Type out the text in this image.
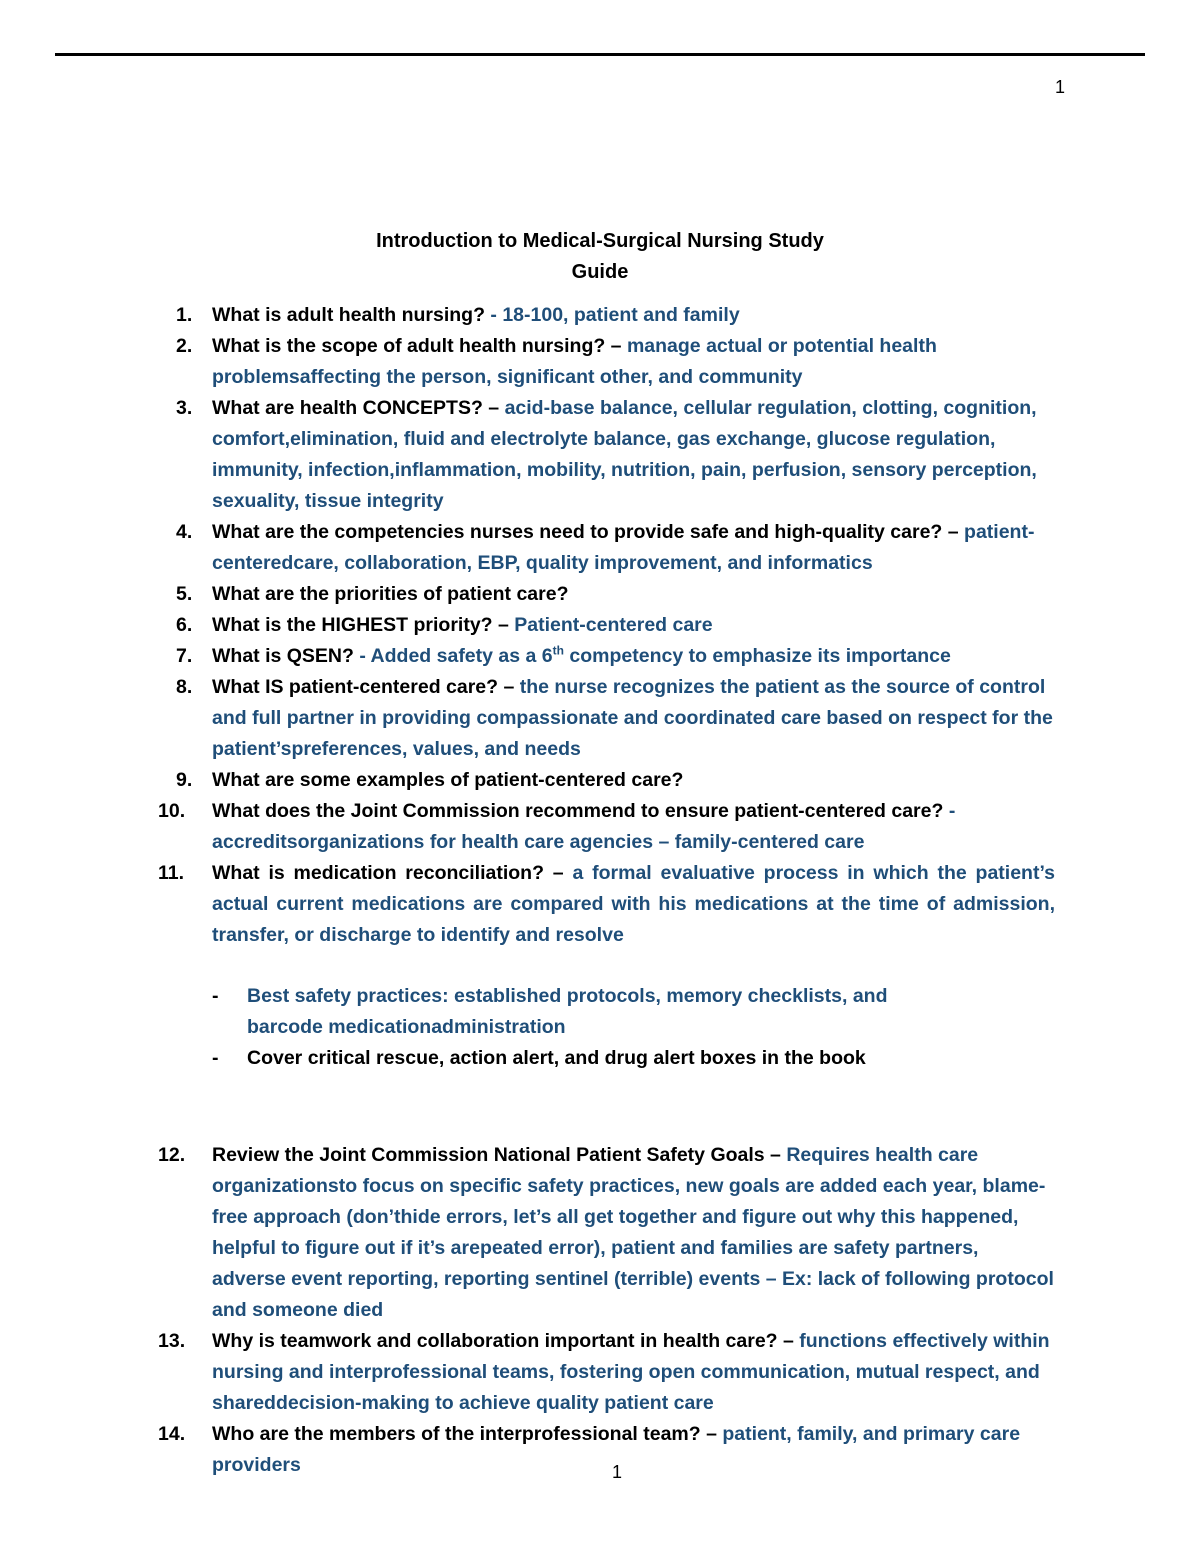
1
Introduction to Medical-Surgical Nursing Study
Guide
1.	What is adult health nursing? - 18-100, patient and family
2.	What is the scope of adult health nursing? – manage actual or potential health problemsaffecting the person, significant other, and community
3.	What are health CONCEPTS? – acid-base balance, cellular regulation, clotting, cognition, comfort,elimination, fluid and electrolyte balance, gas exchange, glucose regulation, immunity, infection,inflammation, mobility, nutrition, pain, perfusion, sensory perception, sexuality, tissue integrity
4.	What are the competencies nurses need to provide safe and high-quality care? – patient-centeredcare, collaboration, EBP, quality improvement, and informatics
5.	What are the priorities of patient care?
6.	What is the HIGHEST priority? – Patient-centered care
7.	What is QSEN? - Added safety as a 6th competency to emphasize its importance
8.	What IS patient-centered care? – the nurse recognizes the patient as the source of control and full partner in providing compassionate and coordinated care based on respect for the patient’spreferences, values, and needs
9.	What are some examples of patient-centered care?
10.	What does the Joint Commission recommend to ensure patient-centered care? - accreditsorganizations for health care agencies – family-centered care
11.	What is medication reconciliation? – a formal evaluative process in which the patient’s actual current medications are compared with his medications at the time of admission, transfer, or discharge to identify and resolve
- Best safety practices: established protocols, memory checklists, and barcode medicationadministration
- Cover critical rescue, action alert, and drug alert boxes in the book
12.	Review the Joint Commission National Patient Safety Goals – Requires health care organizationsto focus on specific safety practices, new goals are added each year, blame-free approach (don’thide errors, let’s all get together and figure out why this happened, helpful to figure out if it’s arepeated error), patient and families are safety partners, adverse event reporting, reporting sentinel (terrible) events – Ex: lack of following protocol and someone died
13.	Why is teamwork and collaboration important in health care? – functions effectively within nursing and interprofessional teams, fostering open communication, mutual respect, and shareddecision-making to achieve quality patient care
14.	Who are the members of the interprofessional team? – patient, family, and primary care providers	1
